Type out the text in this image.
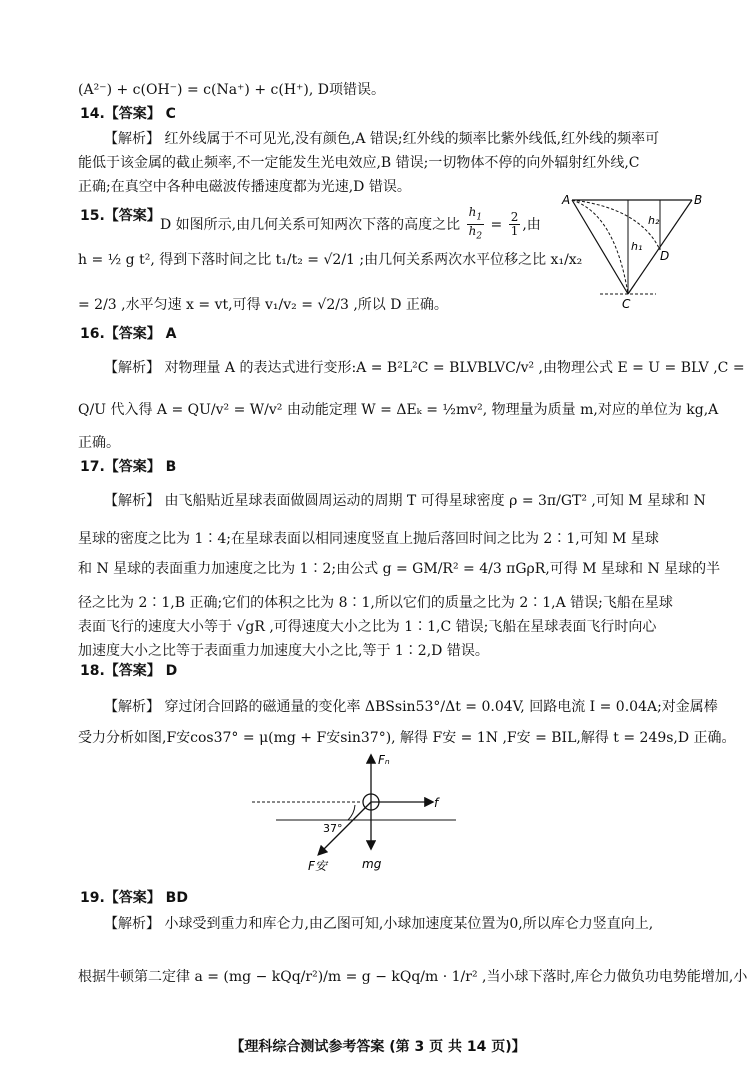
(A²⁻) + c(OH⁻) = c(Na⁺) + c(H⁺), D项错误。
14.【答案】 C
【解析】 红外线属于不可见光,没有颜色,A 错误;红外线的频率比紫外线低,红外线的频率可
能低于该金属的截止频率,不一定能发生光电效应,B 错误;一切物体不停的向外辐射红外线,C
正确;在真空中各种电磁波传播速度都为光速,D 错误。
15.【答案】
D 如图所示,由几何关系可知两次下落的高度之比 $\frac{h_1}{h_2} = \frac{2}{1}$ ,由
h = ½ g t², 得到下落时间之比 t₁/t₂ = √2/1 ;由几何关系两次水平位移之比 x₁/x₂
= 2/3 ,水平匀速 x = vt,可得 v₁/v₂ = √2/3 ,所以 D 正确。
A	B
C
D
h₁
h₂
16.【答案】 A
【解析】 对物理量 A 的表达式进行变形:A = B²L²C = BLVBLVC/v² ,由物理公式 E = U = BLV ,C =
Q/U 代入得 A = QU/v² = W/v² 由动能定理 W = ΔEₖ = ½mv², 物理量为质量 m,对应的单位为 kg,A
正确。
17.【答案】 B
【解析】 由飞船贴近星球表面做圆周运动的周期 T 可得星球密度 ρ = 3π/GT² ,可知 M 星球和 N
星球的密度之比为 1∶4;在星球表面以相同速度竖直上抛后落回时间之比为 2∶1,可知 M 星球
和 N 星球的表面重力加速度之比为 1∶2;由公式 g = GM/R² = 4/3 πGρR,可得 M 星球和 N 星球的半
径之比为 2∶1,B 正确;它们的体积之比为 8∶1,所以它们的质量之比为 2∶1,A 错误;飞船在星球
表面飞行的速度大小等于 √gR ,可得速度大小之比为 1∶1,C 错误;飞船在星球表面飞行时向心
加速度大小之比等于表面重力加速度大小之比,等于 1∶2,D 错误。
18.【答案】 D
【解析】 穿过闭合回路的磁通量的变化率 ΔBSsin53°/Δt = 0.04V, 回路电流 I = 0.04A;对金属棒
受力分析如图,F安cos37° = μ(mg + F安sin37°), 解得 F安 = 1N ,F安 = BIL,解得 t = 249s,D 正确。
Fₙ
f
37°
F安	mg
19.【答案】 BD
【解析】 小球受到重力和库仑力,由乙图可知,小球加速度某位置为0,所以库仑力竖直向上,
根据牛顿第二定律 a = (mg − kQq/r²)/m = g − kQq/m · 1/r² ,当小球下落时,库仑力做负功电势能增加,小
【理科综合测试参考答案 (第 3 页 共 14 页)】
